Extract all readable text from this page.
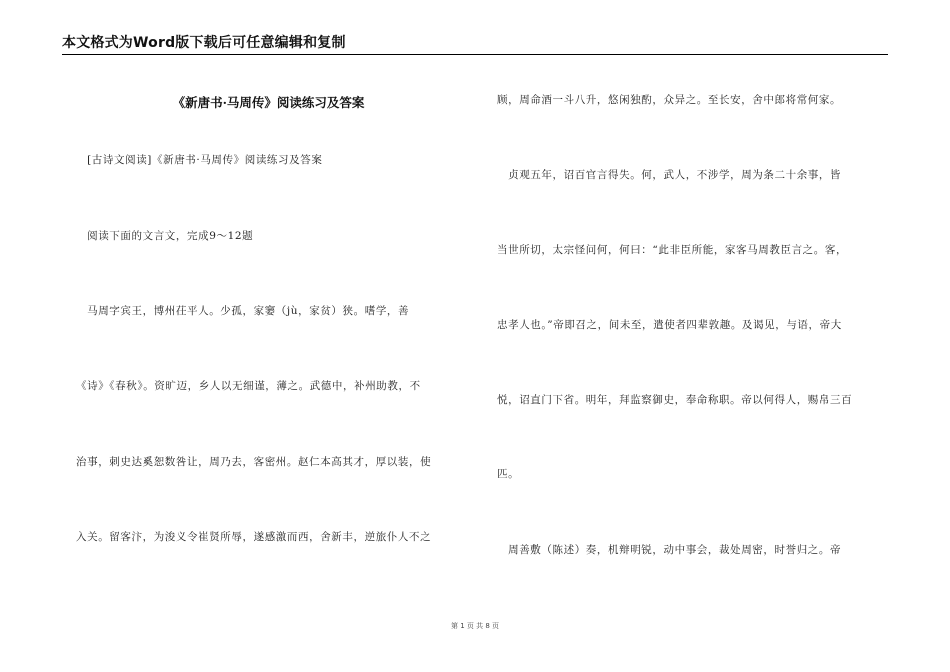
本文格式为Word版下载后可任意编辑和复制
《新唐书·马周传》阅读练习及答案
　[古诗文阅读]《新唐书·马周传》阅读练习及答案
　阅读下面的文言文，完成9～12题
　马周字宾王，博州茌平人。少孤，家窭（jù，家贫）狭。嗜学，善
《诗》《春秋》。资旷迈，乡人以无细谨，薄之。武德中，补州助教，不
治事，刺史达奚恕数咎让，周乃去，客密州。赵仁本高其才，厚以装，使
入关。留客汴，为浚义令崔贤所辱，遂感激而西，舍新丰，逆旅仆人不之
顾，周命酒一斗八升，悠闲独酌，众异之。至长安，舍中郎将常何家。
　贞观五年，诏百官言得失。何，武人，不涉学，周为条二十余事，皆
当世所切，太宗怪问何，何曰：“此非臣所能，家客马周教臣言之。客，
忠孝人也。”帝即召之，间未至，遣使者四辈敦趣。及谒见，与语，帝大
悦，诏直门下省。明年，拜监察御史，奉命称职。帝以何得人，赐帛三百
匹。
　周善敷（陈述）奏，机辩明锐，动中事会，裁处周密，时誉归之。帝
第 1 页 共 8 页
